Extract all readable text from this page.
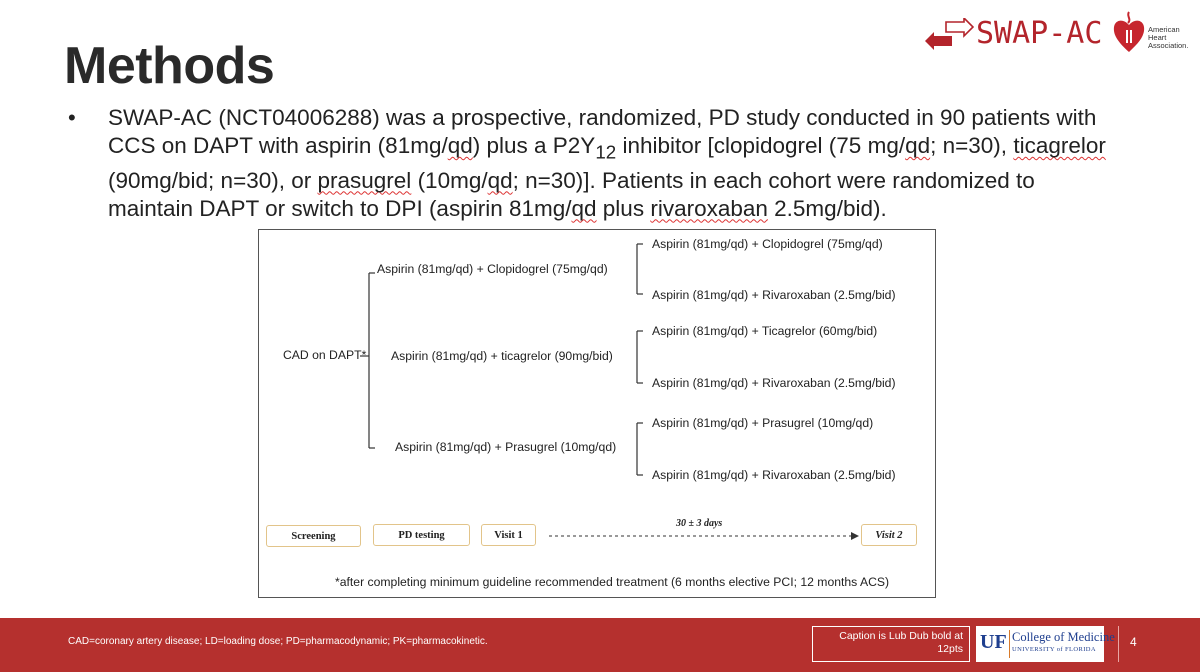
Methods
SWAP-AC	American
Heart
Association.
• SWAP-AC (NCT04006288) was a prospective, randomized, PD study conducted in 90 patients with CCS on DAPT with aspirin (81mg/qd) plus a $P2Y_{12}$ inhibitor [clopidogrel (75 mg/qd; n=30), ticagrelor (90mg/bid; n=30), or prasugrel (10mg/qd; n=30)]. Patients in each cohort were randomized to maintain DAPT or switch to DPI (aspirin 81mg/qd plus rivaroxaban 2.5mg/bid).
CAD on DAPT*
Aspirin (81mg/qd) + Clopidogrel (75mg/qd)
Aspirin (81mg/qd) + ticagrelor (90mg/bid)
Aspirin (81mg/qd) + Prasugrel (10mg/qd)
Aspirin (81mg/qd) + Clopidogrel (75mg/qd)
Aspirin (81mg/qd) + Rivaroxaban (2.5mg/bid)
Aspirin (81mg/qd) + Ticagrelor (60mg/bid)
Aspirin (81mg/qd) + Rivaroxaban (2.5mg/bid)
Aspirin (81mg/qd) + Prasugrel (10mg/qd)
Aspirin (81mg/qd) + Rivaroxaban (2.5mg/bid)
Screening	PD testing	Visit 1
30 ± 3 days
Visit 2
*after completing minimum guideline recommended treatment (6 months elective PCI; 12 months ACS)
CAD=coronary artery disease; LD=loading dose; PD=pharmacodynamic; PK=pharmacokinetic.	Caption is Lub Dub bold at 12pts UF College of Medicine
UNIVERSITY of FLORIDA
4
